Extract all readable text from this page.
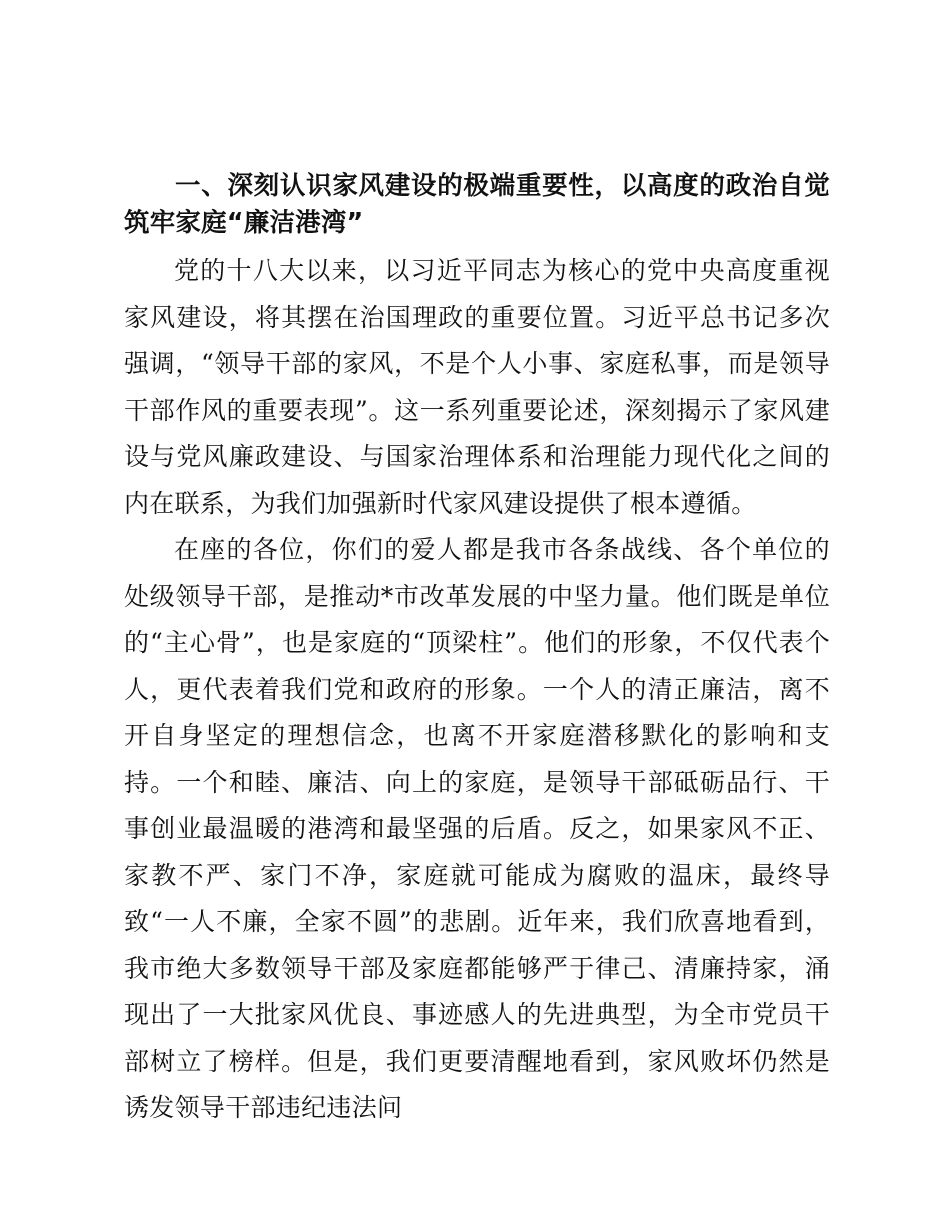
一、深刻认识家风建设的极端重要性，以高度的政治自觉筑牢家庭“廉洁港湾”

党的十八大以来，以习近平同志为核心的党中央高度重视家风建设，将其摆在治国理政的重要位置。习近平总书记多次强调，“领导干部的家风，不是个人小事、家庭私事，而是领导干部作风的重要表现”。这一系列重要论述，深刻揭示了家风建设与党风廉政建设、与国家治理体系和治理能力现代化之间的内在联系，为我们加强新时代家风建设提供了根本遵循。

在座的各位，你们的爱人都是我市各条战线、各个单位的处级领导干部，是推动*市改革发展的中坚力量。他们既是单位的“主心骨”，也是家庭的“顶梁柱”。他们的形象，不仅代表个人，更代表着我们党和政府的形象。一个人的清正廉洁，离不开自身坚定的理想信念，也离不开家庭潜移默化的影响和支持。一个和睦、廉洁、向上的家庭，是领导干部砥砺品行、干事创业最温暖的港湾和最坚强的后盾。反之，如果家风不正、家教不严、家门不净，家庭就可能成为腐败的温床，最终导致“一人不廉，全家不圆”的悲剧。近年来，我们欣喜地看到，我市绝大多数领导干部及家庭都能够严于律己、清廉持家，涌现出了一大批家风优良、事迹感人的先进典型，为全市党员干部树立了榜样。但是，我们更要清醒地看到，家风败坏仍然是诱发领导干部违纪违法问
